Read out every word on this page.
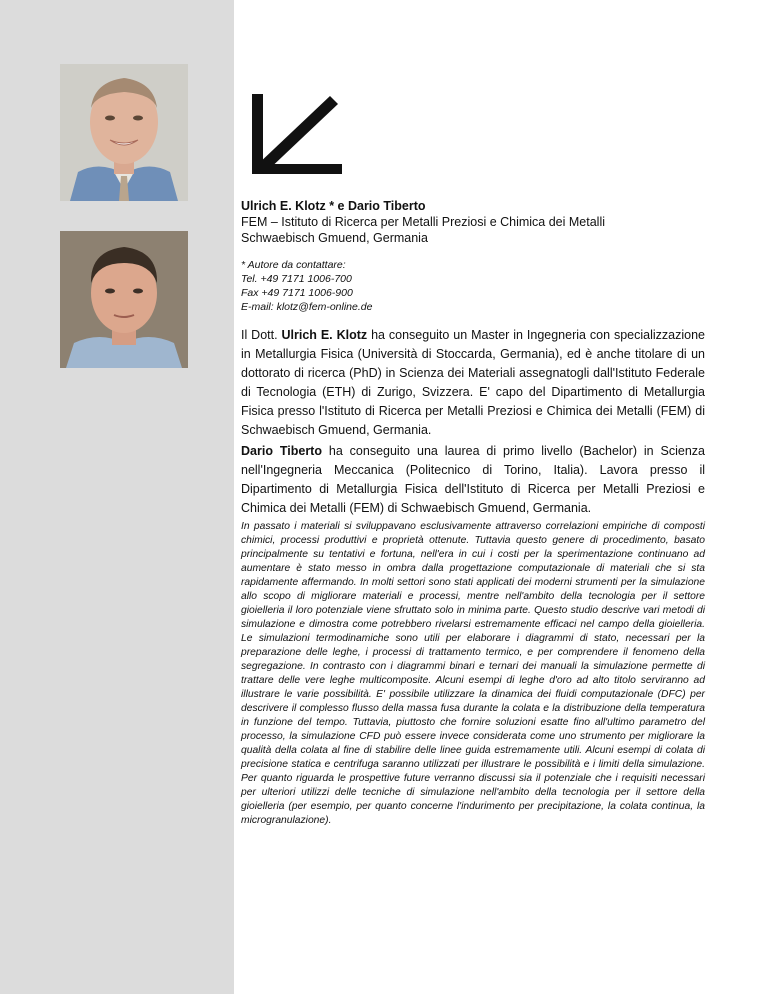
Ulrich E. Klotz * e Dario Tiberto
FEM – Istituto di Ricerca per Metalli Preziosi e Chimica dei Metalli
Schwaebisch Gmuend, Germania
* Autore da contattare:
Tel. +49 7171 1006-700
Fax +49 7171 1006-900
E-mail: klotz@fem-online.de
Il Dott. Ulrich E. Klotz ha conseguito un Master in Ingegneria con specializzazione in Metallurgia Fisica (Università di Stoccarda, Germania), ed è anche titolare di un dottorato di ricerca (PhD) in Scienza dei Materiali assegnatogli dall'Istituto Federale di Tecnologia (ETH) di Zurigo, Svizzera. E' capo del Dipartimento di Metallurgia Fisica presso l'Istituto di Ricerca per Metalli Preziosi e Chimica dei Metalli (FEM) di Schwaebisch Gmuend, Germania.
Dario Tiberto ha conseguito una laurea di primo livello (Bachelor) in Scienza nell'Ingegneria Meccanica (Politecnico di Torino, Italia). Lavora presso il Dipartimento di Metallurgia Fisica dell'Istituto di Ricerca per Metalli Preziosi e Chimica dei Metalli (FEM) di Schwaebisch Gmuend, Germania.
In passato i materiali si sviluppavano esclusivamente attraverso correlazioni empiriche di composti chimici, processi produttivi e proprietà ottenute. Tuttavia questo genere di procedimento, basato principalmente su tentativi e fortuna, nell'era in cui i costi per la sperimentazione continuano ad aumentare è stato messo in ombra dalla progettazione computazionale di materiali che si sta rapidamente affermando. In molti settori sono stati applicati dei moderni strumenti per la simulazione allo scopo di migliorare materiali e processi, mentre nell'ambito della tecnologia per il settore gioielleria il loro potenziale viene sfruttato solo in minima parte. Questo studio descrive vari metodi di simulazione e dimostra come potrebbero rivelarsi estremamente efficaci nel campo della gioielleria. Le simulazioni termodinamiche sono utili per elaborare i diagrammi di stato, necessari per la preparazione delle leghe, i processi di trattamento termico, e per comprendere il fenomeno della segregazione. In contrasto con i diagrammi binari e ternari dei manuali la simulazione permette di trattare delle vere leghe multicomposite. Alcuni esempi di leghe d'oro ad alto titolo serviranno ad illustrare le varie possibilità. E' possibile utilizzare la dinamica dei fluidi computazionale (DFC) per descrivere il complesso flusso della massa fusa durante la colata e la distribuzione della temperatura in funzione del tempo. Tuttavia, piuttosto che fornire soluzioni esatte fino all'ultimo parametro del processo, la simulazione CFD può essere invece considerata come uno strumento per migliorare la qualità della colata al fine di stabilire delle linee guida estremamente utili. Alcuni esempi di colata di precisione statica e centrifuga saranno utilizzati per illustrare le possibilità e i limiti della simulazione. Per quanto riguarda le prospettive future verranno discussi sia il potenziale che i requisiti necessari per ulteriori utilizzi delle tecniche di simulazione nell'ambito della tecnologia per il settore della gioielleria (per esempio, per quanto concerne l'indurimento per precipitazione, la colata continua, la microgranulazione).
